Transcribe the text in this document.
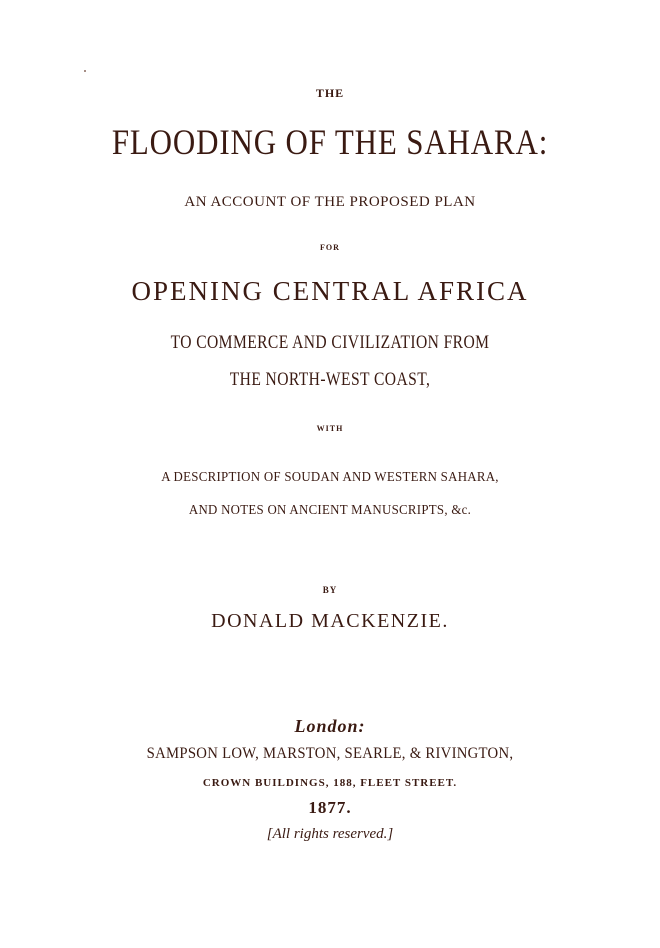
THE
FLOODING OF THE SAHARA:
AN ACCOUNT OF THE PROPOSED PLAN
FOR
OPENING CENTRAL AFRICA
TO COMMERCE AND CIVILIZATION FROM
THE NORTH-WEST COAST,
WITH
A DESCRIPTION OF SOUDAN AND WESTERN SAHARA,
AND NOTES ON ANCIENT MANUSCRIPTS, &c.
BY
DONALD MACKENZIE.
London:
SAMPSON LOW, MARSTON, SEARLE, & RIVINGTON,
CROWN BUILDINGS, 188, FLEET STREET.
1877.
[All rights reserved.]
